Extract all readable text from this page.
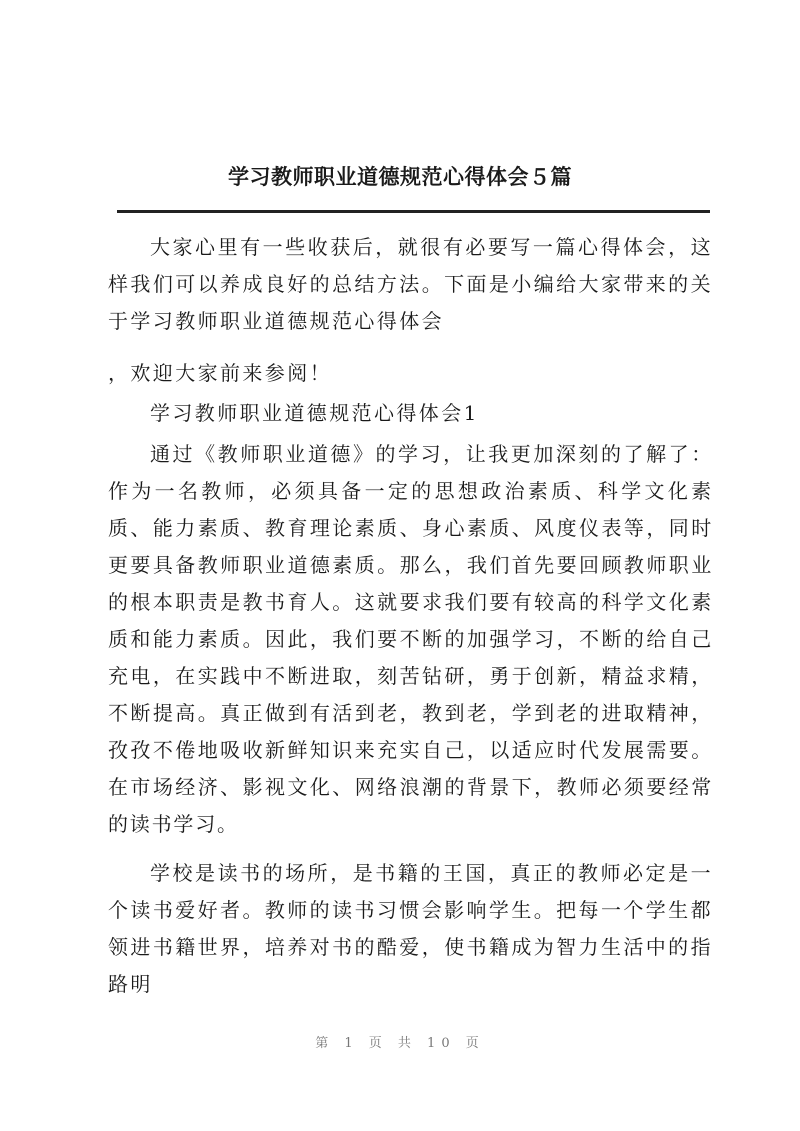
学习教师职业道德规范心得体会５篇

大家心里有一些收获后，就很有必要写一篇心得体会，这样我们可以养成良好的总结方法。下面是小编给大家带来的关于学习教师职业道德规范心得体会

，欢迎大家前来参阅！

学习教师职业道德规范心得体会1

通过《教师职业道德》的学习，让我更加深刻的了解了：作为一名教师，必须具备一定的思想政治素质、科学文化素质、能力素质、教育理论素质、身心素质、风度仪表等，同时更要具备教师职业道德素质。那么，我们首先要回顾教师职业的根本职责是教书育人。这就要求我们要有较高的科学文化素质和能力素质。因此，我们要不断的加强学习，不断的给自己充电，在实践中不断进取，刻苦钻研，勇于创新，精益求精，不断提高。真正做到有活到老，教到老，学到老的进取精神，孜孜不倦地吸收新鲜知识来充实自己，以适应时代发展需要。在市场经济、影视文化、网络浪潮的背景下，教师必须要经常的读书学习。

学校是读书的场所，是书籍的王国，真正的教师必定是一个读书爱好者。教师的读书习惯会影响学生。把每一个学生都领进书籍世界，培养对书的酷爱，使书籍成为智力生活中的指路明

第 1 页 共 10 页
